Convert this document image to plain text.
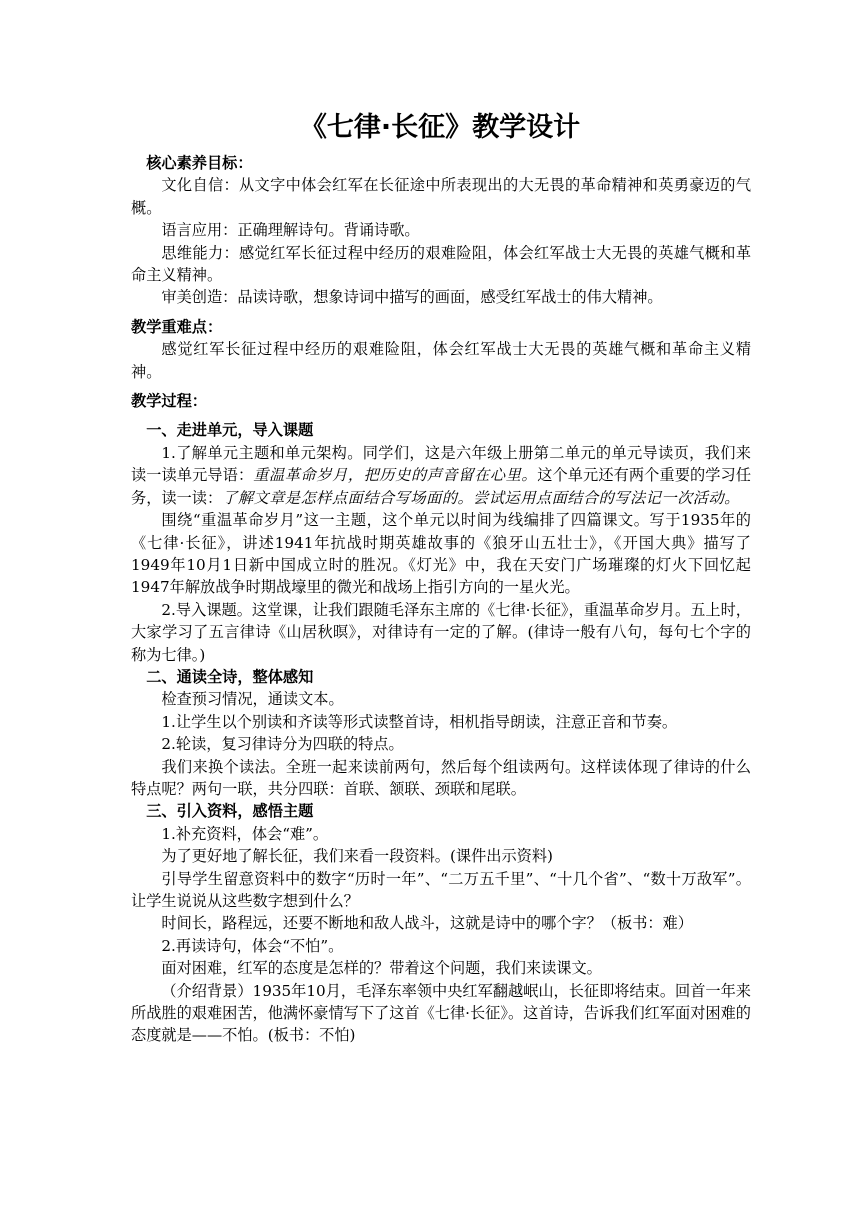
《七律·长征》教学设计

核心素养目标：

文化自信：从文字中体会红军在长征途中所表现出的大无畏的革命精神和英勇豪迈的气概。

语言应用：正确理解诗句。背诵诗歌。

思维能力：感觉红军长征过程中经历的艰难险阻，体会红军战士大无畏的英雄气概和革命主义精神。

审美创造：品读诗歌，想象诗词中描写的画面，感受红军战士的伟大精神。

教学重难点：

感觉红军长征过程中经历的艰难险阻，体会红军战士大无畏的英雄气概和革命主义精神。

教学过程：

一、走进单元，导入课题

1.了解单元主题和单元架构。同学们，这是六年级上册第二单元的单元导读页，我们来读一读单元导语：重温革命岁月，把历史的声音留在心里。这个单元还有两个重要的学习任务，读一读：了解文章是怎样点面结合写场面的。尝试运用点面结合的写法记一次活动。

围绕“重温革命岁月”这一主题，这个单元以时间为线编排了四篇课文。写于1935年的《七律·长征》，讲述1941年抗战时期英雄故事的《狼牙山五壮士》，《开国大典》描写了1949年10月1日新中国成立时的胜况。《灯光》中，我在天安门广场璀璨的灯火下回忆起1947年解放战争时期战壕里的微光和战场上指引方向的一星火光。

2.导入课题。这堂课，让我们跟随毛泽东主席的《七律·长征》，重温革命岁月。五上时，大家学习了五言律诗《山居秋暝》，对律诗有一定的了解。(律诗一般有八句，每句七个字的称为七律。)

二、通读全诗，整体感知

检查预习情况，通读文本。

1.让学生以个别读和齐读等形式读整首诗，相机指导朗读，注意正音和节奏。

2.轮读，复习律诗分为四联的特点。

我们来换个读法。全班一起来读前两句，然后每个组读两句。这样读体现了律诗的什么特点呢？两句一联，共分四联：首联、颔联、颈联和尾联。

三、引入资料，感悟主题

1.补充资料，体会“难”。

为了更好地了解长征，我们来看一段资料。(课件出示资料)

引导学生留意资料中的数字“历时一年”、“二万五千里”、“十几个省”、“数十万敌军”。让学生说说从这些数字想到什么？

时间长，路程远，还要不断地和敌人战斗，这就是诗中的哪个字？（板书：难）

2.再读诗句，体会“不怕”。

面对困难，红军的态度是怎样的？带着这个问题，我们来读课文。

（介绍背景）1935年10月，毛泽东率领中央红军翻越岷山，长征即将结束。回首一年来所战胜的艰难困苦，他满怀豪情写下了这首《七律·长征》。这首诗，告诉我们红军面对困难的态度就是——不怕。(板书：不怕)
